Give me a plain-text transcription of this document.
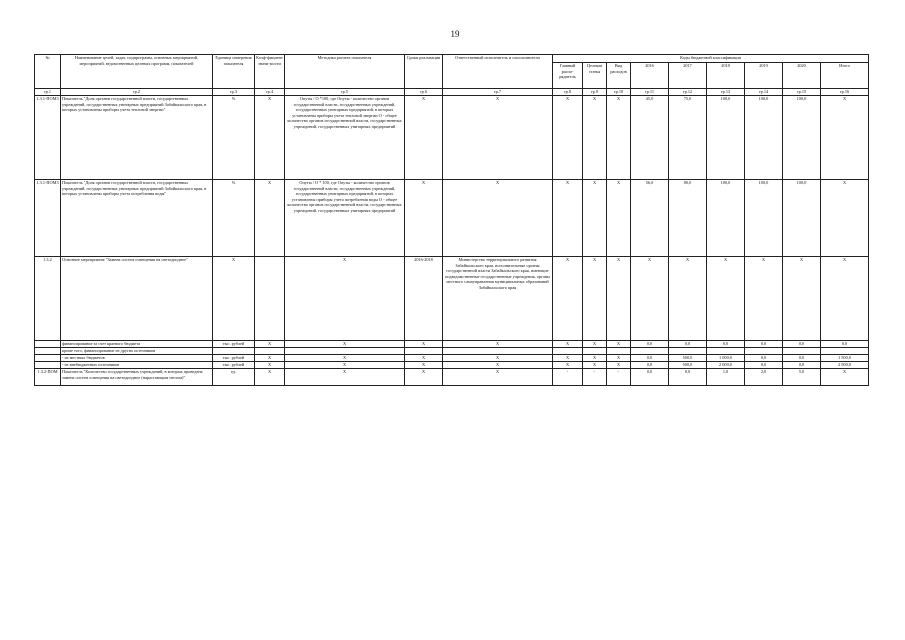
19
№	Наименование целей, задач, подпрограмм, основных мероприятий, мероприятий, ведомственных целевых программ, показателей	Единица измерения показателя	Коэф-фициент значи-мости	Методика расчета показателя	Сроки реализации	Ответственный исполнитель и соисполнители	Коды бюджетной классификации								
							Главный распо-рядитель	Целевая статья	Вид расходов	2016	2017	2018	2019	2020	Итого
гр.1	гр.2	гр.3	гр.4	гр.5	гр.6	гр.7	гр.8	гр.9	гр.10	гр.11	гр.12	гр.13	гр.14	гр.15	гр.16
1.3.1-ПОМ3	Показатель "Доля органов государственной власти, государственных учреждений, государственных унитарных предприятий Забайкальского края, в которых установлены приборы учета тепловой энергии"	%	Х	Опуты / О *100, где Опуты - количество органов государственной власти, государственных учреждений, государственных унитарных предприятий, в которых установлены приборы учета тепловой энергии О - общее количество органов государственной власти, государственных учреждений, государственных унитарных предприятий	Х	Х	Х	Х	Х	45,0	75,0	100,0	100,0	100,0	Х
1.3.1-ПОМ3	Показатель "Доля органов государственной власти, государственных учреждений, государственных унитарных предприятий Забайкальского края, в которых установлены приборы учета потребления воды"	%	Х	Опуты / О * 100, где Опуты - количество органов государственной власти, государственных учреждений, государственных унитарных предприятий, в которых установлены приборы учета потребления воды О - общее количество органов государственной власти, государственных учреждений, государственных унитарных предприятий	Х	Х	Х	Х	Х	56,0	80,0	100,0	100,0	100,0	Х
1.3.2	Основное мероприятие "Замена систем освещения на светодиодное"	Х		Х	2016-2018	Министерство территориального развития Забайкальского края, исполнительные органы государственной власти Забайкальского края, имеющие подведомственные государственные учреждения, органы местного самоуправления муниципальных образований Забайкальского края	Х	Х	Х	Х	Х	Х	Х	Х	Х
	финансирование за счет краевого бюджета	тыс. рублей	Х	Х	Х	Х	Х	Х	Х	0,0	0,0	0,0	0,0	0,0	0,0
	кроме того, финансирование из других источников														
	- из местных бюджетов	тыс. рублей	Х	Х	Х	Х	Х	Х	Х	0,0	500,0	1 000,0	0,0	0,0	1 500,0
	- из внебюджетных источников	тыс. рублей	Х	Х	Х	Х	Х	Х	Х	0,0	500,0	2 000,0	0,0	0,0	2 500,0
1.3.2-ПОМ	Показатель "Количество государственных учреждений, в которых проведена замена систем освещения на светодиодное (нарастающим итогом)"	ед.	Х	Х	Х	Х	-	-	-	0,0	0,0	1,0	2,0	5,0	Х
